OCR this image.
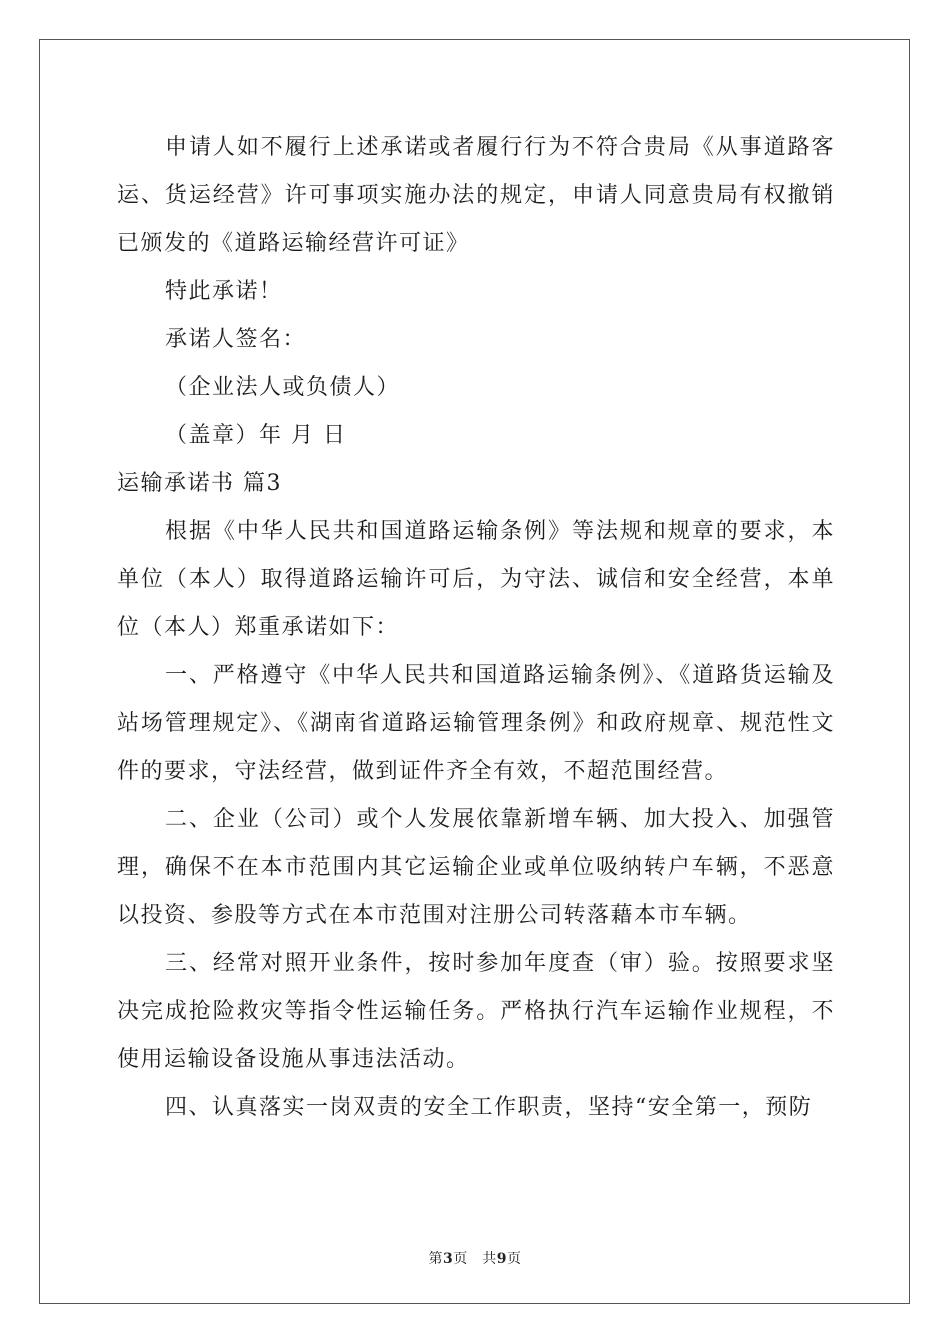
申请人如不履行上述承诺或者履行行为不符合贵局《从事道路客运、货运经营》许可事项实施办法的规定，申请人同意贵局有权撤销已颁发的《道路运输经营许可证》

特此承诺！

承诺人签名：

（企业法人或负债人）

（盖章）年 月 日

运输承诺书 篇3

根据《中华人民共和国道路运输条例》等法规和规章的要求，本单位（本人）取得道路运输许可后，为守法、诚信和安全经营，本单位（本人）郑重承诺如下：

一、严格遵守《中华人民共和国道路运输条例》、《道路货运输及站场管理规定》、《湖南省道路运输管理条例》和政府规章、规范性文件的要求，守法经营，做到证件齐全有效，不超范围经营。

二、企业（公司）或个人发展依靠新增车辆、加大投入、加强管理，确保不在本市范围内其它运输企业或单位吸纳转户车辆，不恶意以投资、参股等方式在本市范围对注册公司转落藉本市车辆。

三、经常对照开业条件，按时参加年度查（审）验。按照要求坚决完成抢险救灾等指令性运输任务。严格执行汽车运输作业规程，不使用运输设备设施从事违法活动。

四、认真落实一岗双责的安全工作职责，坚持“安全第一，预防

第3页　共9页
